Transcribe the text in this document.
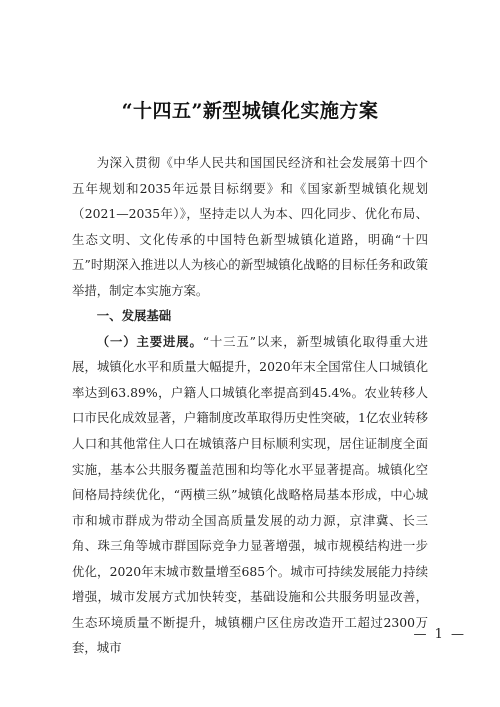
“十四五”新型城镇化实施方案

为深入贯彻《中华人民共和国国民经济和社会发展第十四个五年规划和2035年远景目标纲要》和《国家新型城镇化规划（2021—2035年）》，坚持走以人为本、四化同步、优化布局、生态文明、文化传承的中国特色新型城镇化道路，明确“十四五”时期深入推进以人为核心的新型城镇化战略的目标任务和政策举措，制定本实施方案。

一、发展基础

（一）主要进展。“十三五”以来，新型城镇化取得重大进展，城镇化水平和质量大幅提升，2020年末全国常住人口城镇化率达到63.89%，户籍人口城镇化率提高到45.4%。农业转移人口市民化成效显著，户籍制度改革取得历史性突破，1亿农业转移人口和其他常住人口在城镇落户目标顺利实现，居住证制度全面实施，基本公共服务覆盖范围和均等化水平显著提高。城镇化空间格局持续优化，“两横三纵”城镇化战略格局基本形成，中心城市和城市群成为带动全国高质量发展的动力源，京津冀、长三角、珠三角等城市群国际竞争力显著增强，城市规模结构进一步优化，2020年末城市数量增至685个。城市可持续发展能力持续增强，城市发展方式加快转变，基础设施和公共服务明显改善，生态环境质量不断提升，城镇棚户区住房改造开工超过2300万套，城市

— 1 —
